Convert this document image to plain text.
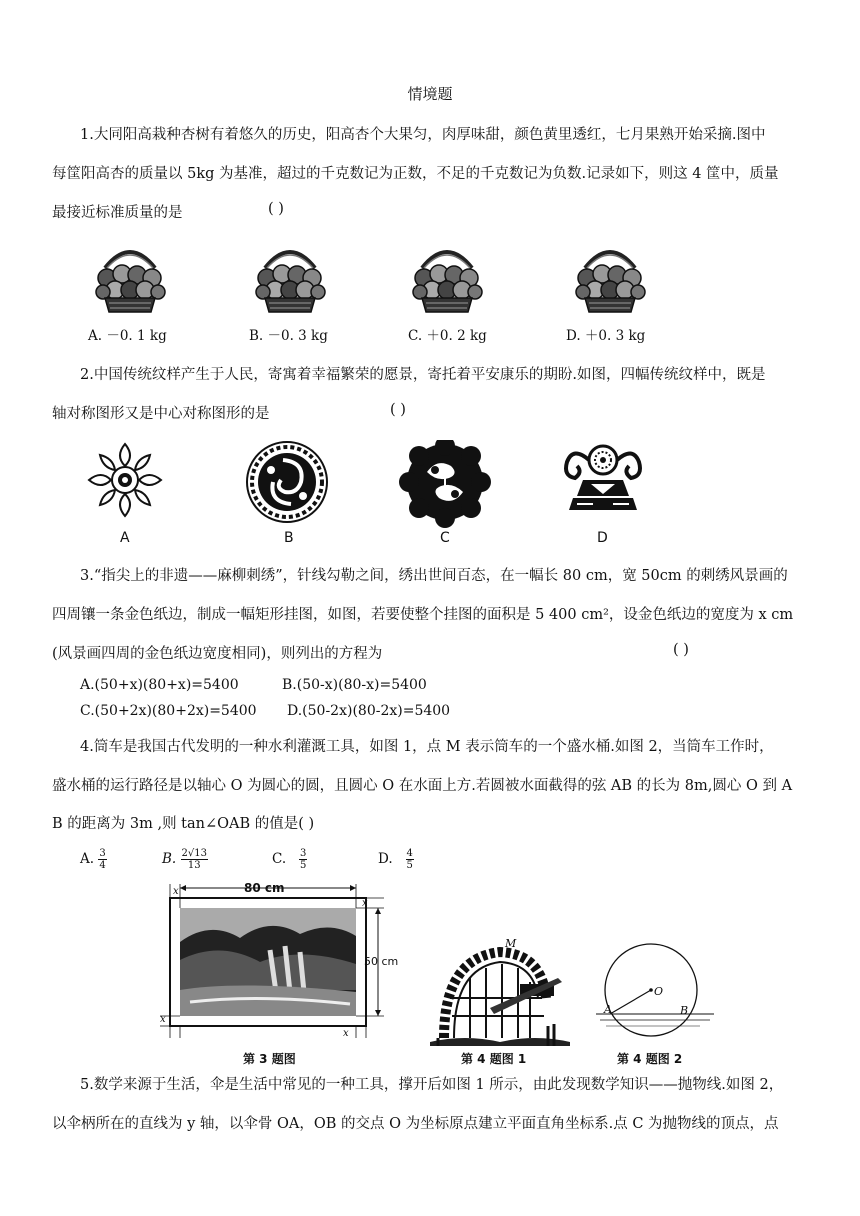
情境题
1.大同阳高栽种杏树有着悠久的历史，阳高杏个大果匀，肉厚味甜，颜色黄里透红，七月果熟开始采摘.图中
每筐阳高杏的质量以 5kg 为基准，超过的千克数记为正数，不足的千克数记为负数.记录如下，则这 4 筐中，质量
最接近标准质量的是	( )
A. －0. 1 kg	B. －0. 3 kg	C. ＋0. 2 kg	D. ＋0. 3 kg
2.中国传统纹样产生于人民，寄寓着幸福繁荣的愿景，寄托着平安康乐的期盼.如图，四幅传统纹样中，既是
轴对称图形又是中心对称图形的是	( )
A	B	C	D
3.“指尖上的非遗——麻柳刺绣”，针线勾勒之间，绣出世间百态，在一幅长 80 cm，宽 50cm 的刺绣风景画的
四周镶一条金色纸边，制成一幅矩形挂图，如图，若要使整个挂图的面积是 5 400 cm²，设金色纸边的宽度为 x cm
(风景画四周的金色纸边宽度相同)，则列出的方程为	( )
A.(50+x)(80+x)=5400	B.(50-x)(80-x)=5400
C.(50+2x)(80+2x)=5400 D.(50-2x)(80-2x)=5400
4.筒车是我国古代发明的一种水利灌溉工具，如图 1，点 M 表示筒车的一个盛水桶.如图 2，当筒车工作时，
盛水桶的运行路径是以轴心 O 为圆心的圆，且圆心 O 在水面上方.若圆被水面截得的弦 AB 的长为 8m,圆心 O 到 A
B 的距离为 3m ,则 tan∠OAB 的值是( )
A. $\frac{3}{4}$	B. $\frac{2√13}{13}$	C. $\frac{3}{5}$	D. $\frac{4}{5}$
80 cm
50 cm
x
x
x
x
第 3 题图
M
第 4 题图 1
A
O
B
第 4 题图 2
5.数学来源于生活，伞是生活中常见的一种工具，撑开后如图 1 所示，由此发现数学知识——抛物线.如图 2，
以伞柄所在的直线为 y 轴，以伞骨 OA，OB 的交点 O 为坐标原点建立平面直角坐标系.点 C 为抛物线的顶点，点
